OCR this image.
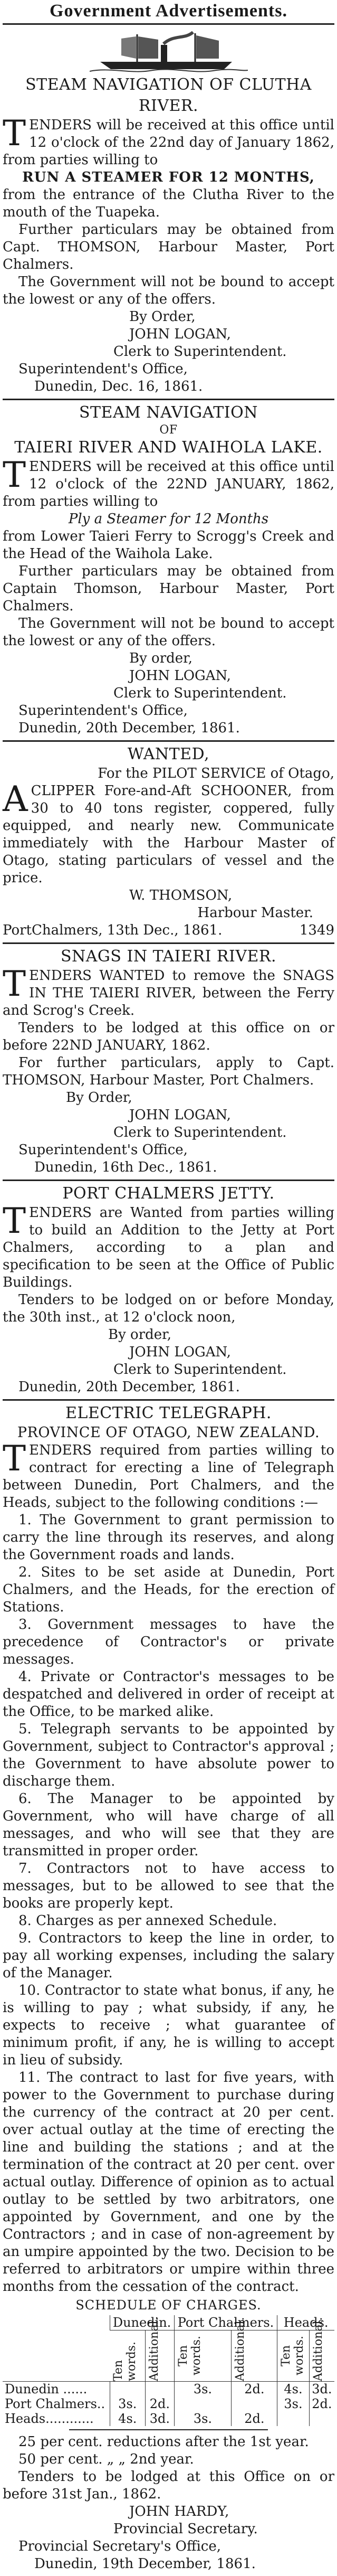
Government Advertisements.
STEAM NAVIGATION OF CLUTHA RIVER.

TENDERS will be received at this office until 12 o'clock of the 22nd day of January 1862, from parties willing to

RUN A STEAMER FOR 12 MONTHS,

from the entrance of the Clutha River to the mouth of the Tuapeka.

Further particulars may be obtained from Capt. THOMSON, Harbour Master, Port Chalmers.

The Government will not be bound to accept the lowest or any of the offers.

By Order,

JOHN LOGAN,

Clerk to Superintendent.

Superintendent's Office,

Dunedin, Dec. 16, 1861.

STEAM NAVIGATION
OF
TAIERI RIVER AND WAIHOLA LAKE.

TENDERS will be received at this office until 12 o'clock of the 22ND JANUARY, 1862, from parties willing to

Ply a Steamer for 12 Months

from Lower Taieri Ferry to Scrogg's Creek and the Head of the Waihola Lake.

Further particulars may be obtained from Captain Thomson, Harbour Master, Port Chalmers.

The Government will not be bound to accept the lowest or any of the offers.

By order,

JOHN LOGAN,

Clerk to Superintendent.

Superintendent's Office,

Dunedin, 20th December, 1861.

WANTED,

For the PILOT SERVICE of Otago,

ACLIPPER Fore-and-Aft SCHOONER, from 30 to 40 tons register, coppered, fully equipped, and nearly new. Communicate immediately with the Harbour Master of Otago, stating particulars of vessel and the price.

W. THOMSON,

Harbour Master.

PortChalmers, 13th Dec., 1861.	1349

SNAGS IN TAIERI RIVER.

TENDERS WANTED to remove the SNAGS IN THE TAIERI RIVER, between the Ferry and Scrog's Creek.

Tenders to be lodged at this office on or before 22ND JANUARY, 1862.

For further particulars, apply to Capt. THOMSON, Harbour Master, Port Chalmers.

By Order,

JOHN LOGAN,

Clerk to Superintendent.

Superintendent's Office,

Dunedin, 16th Dec., 1861.

PORT CHALMERS JETTY.

TENDERS are Wanted from parties willing to build an Addition to the Jetty at Port Chalmers, according to a plan and specification to be seen at the Office of Public Buildings.

Tenders to be lodged on or before Monday, the 30th inst., at 12 o'clock noon,

By order,

JOHN LOGAN,

Clerk to Superintendent.

Dunedin, 20th December, 1861.

ELECTRIC TELEGRAPH.
PROVINCE OF OTAGO, NEW ZEALAND.

TENDERS required from parties willing to contract for erecting a line of Telegraph between Dunedin, Port Chalmers, and the Heads, subject to the following conditions :—

1. The Government to grant permission to carry the line through its reserves, and along the Government roads and lands.

2. Sites to be set aside at Dunedin, Port Chalmers, and the Heads, for the erection of Stations.

3. Government messages to have the precedence of Contractor's or private messages.

4. Private or Contractor's messages to be despatched and delivered in order of receipt at the Office, to be marked alike.

5. Telegraph servants to be appointed by Government, subject to Contractor's approval ; the Government to have absolute power to discharge them.

6. The Manager to be appointed by Government, who will have charge of all messages, and who will see that they are transmitted in proper order.

7. Contractors not to have access to messages, but to be allowed to see that the books are properly kept.

8. Charges as per annexed Schedule.

9. Contractors to keep the line in order, to pay all working expenses, including the salary of the Manager.

10. Contractor to state what bonus, if any, he is willing to pay ; what subsidy, if any, he expects to receive ; what guarantee of minimum profit, if any, he is willing to accept in lieu of subsidy.

11. The contract to last for five years, with power to the Government to purchase during the currency of the contract at 20 per cent. over actual outlay at the time of erecting the line and building the stations ; and at the termination of the contract at 20 per cent. over actual outlay. Difference of opinion as to actual outlay to be settled by two arbitrators, one appointed by Government, and one by the Contractors ; and in case of non-agreement by an umpire appointed by the two. Decision to be referred to arbitrators or umpire within three months from the cessation of the contract.

SCHEDULE OF CHARGES.

	Dunedin.		Port Chalmers.		Heads.	

	Ten words.	Additional.	Ten words.	Additional.	Ten words.	Additional.

Dunedin ......			3s.	2d.	4s.	3d.
Port Chalmers..	3s.	2d.			3s.	2d.
Heads............	4s.	3d.	3s.	2d.		

25 per cent. reductions after the 1st year.

50 per cent. „ „ 2nd year.

Tenders to be lodged at this Office on or before 31st Jan., 1862.

JOHN HARDY,

Provincial Secretary.

Provincial Secretary's Office,

Dunedin, 19th December, 1861.
